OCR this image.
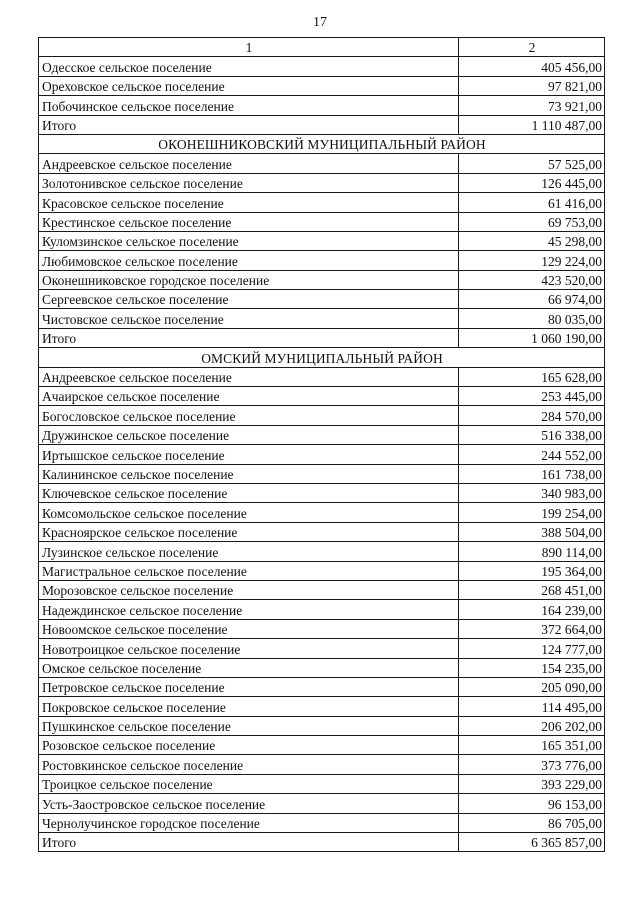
17
1	2
Одесское сельское поселение	405 456,00
Ореховское сельское поселение	97 821,00
Побочинское сельское поселение	73 921,00
Итого	1 110 487,00
ОКОНЕШНИКОВСКИЙ МУНИЦИПАЛЬНЫЙ РАЙОН	
Андреевское сельское поселение	57 525,00
Золотонивское сельское поселение	126 445,00
Красовское сельское поселение	61 416,00
Крестинское сельское поселение	69 753,00
Куломзинское сельское поселение	45 298,00
Любимовское сельское поселение	129 224,00
Оконешниковское городское поселение	423 520,00
Сергеевское сельское поселение	66 974,00
Чистовское сельское поселение	80 035,00
Итого	1 060 190,00
ОМСКИЙ МУНИЦИПАЛЬНЫЙ РАЙОН	
Андреевское сельское поселение	165 628,00
Ачаирское сельское поселение	253 445,00
Богословское сельское поселение	284 570,00
Дружинское сельское поселение	516 338,00
Иртышское сельское поселение	244 552,00
Калининское сельское поселение	161 738,00
Ключевское сельское поселение	340 983,00
Комсомольское сельское поселение	199 254,00
Красноярское сельское поселение	388 504,00
Лузинское сельское поселение	890 114,00
Магистральное сельское поселение	195 364,00
Морозовское сельское поселение	268 451,00
Надеждинское сельское поселение	164 239,00
Новоомское сельское поселение	372 664,00
Новотроицкое сельское поселение	124 777,00
Омское сельское поселение	154 235,00
Петровское сельское поселение	205 090,00
Покровское сельское поселение	114 495,00
Пушкинское сельское поселение	206 202,00
Розовское сельское поселение	165 351,00
Ростовкинское сельское поселение	373 776,00
Троицкое сельское поселение	393 229,00
Усть-Заостровское сельское поселение	96 153,00
Чернолучинское городское поселение	86 705,00
Итого	6 365 857,00
